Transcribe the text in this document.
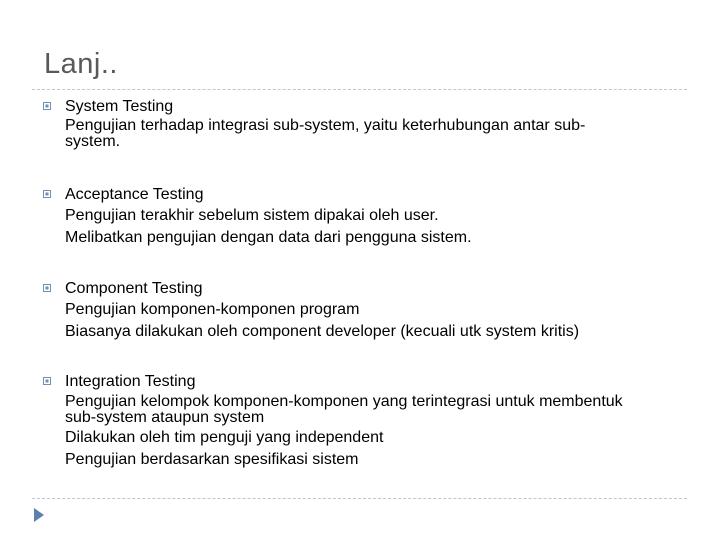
Lanj..
System Testing
Pengujian terhadap integrasi sub-system, yaitu keterhubungan antar sub-
system.
Acceptance Testing
Pengujian terakhir sebelum sistem dipakai oleh user.
Melibatkan pengujian dengan data dari pengguna sistem.
Component Testing
Pengujian komponen-komponen program
Biasanya dilakukan oleh component developer (kecuali utk system kritis)
Integration Testing
Pengujian kelompok komponen-komponen yang terintegrasi untuk membentuk
sub-system ataupun system
Dilakukan oleh tim penguji yang independent
Pengujian berdasarkan spesifikasi sistem
